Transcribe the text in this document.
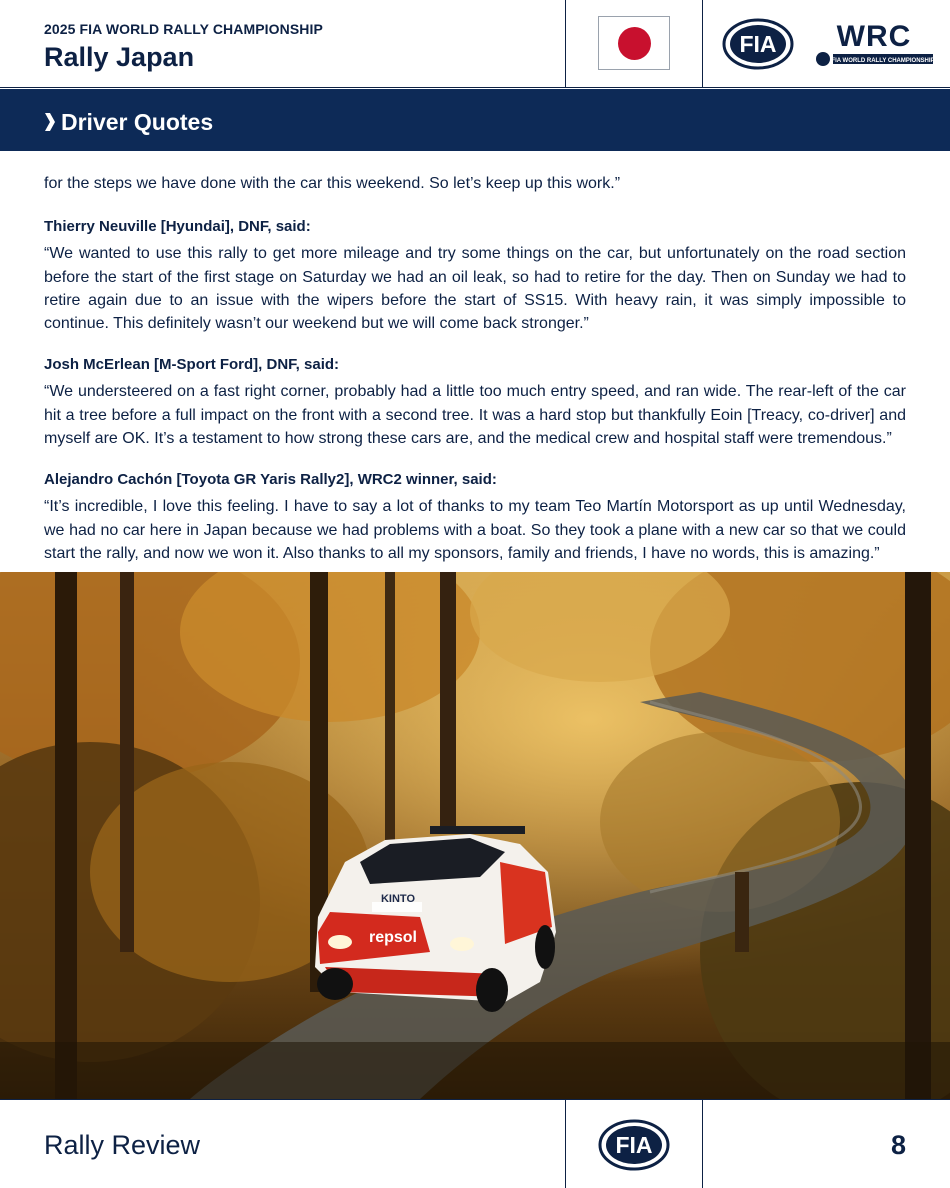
2025 FIA WORLD RALLY CHAMPIONSHIP
Rally Japan	FIA WRC
FIA WORLD RALLY CHAMPIONSHIP
Driver Quotes

for the steps we have done with the car this weekend. So let’s keep up this work.”

Thierry Neuville [Hyundai], DNF, said:

“We wanted to use this rally to get more mileage and try some things on the car, but unfortunately on the road section before the start of the first stage on Saturday we had an oil leak, so had to retire for the day. Then on Sunday we had to retire again due to an issue with the wipers before the start of SS15. With heavy rain, it was simply impossible to continue. This definitely wasn’t our weekend but we will come back stronger.”

Josh McErlean [M-Sport Ford], DNF, said:

“We understeered on a fast right corner, probably had a little too much entry speed, and ran wide. The rear-left of the car hit a tree before a full impact on the front with a second tree. It was a hard stop but thankfully Eoin [Treacy, co-driver] and myself are OK. It’s a testament to how strong these cars are, and the medical crew and hospital staff were tremendous.”

Alejandro Cachón [Toyota GR Yaris Rally2], WRC2 winner, said:

“It’s incredible, I love this feeling. I have to say a lot of thanks to my team Teo Martín Motorsport as up until Wednesday, we had no car here in Japan because we had problems with a boat. So they took a plane with a new car so that we could start the rally, and now we won it. Also thanks to all my sponsors, family and friends, I have no words, this is amazing.”

KINTO
repsol
Rally Review	FIA	8
